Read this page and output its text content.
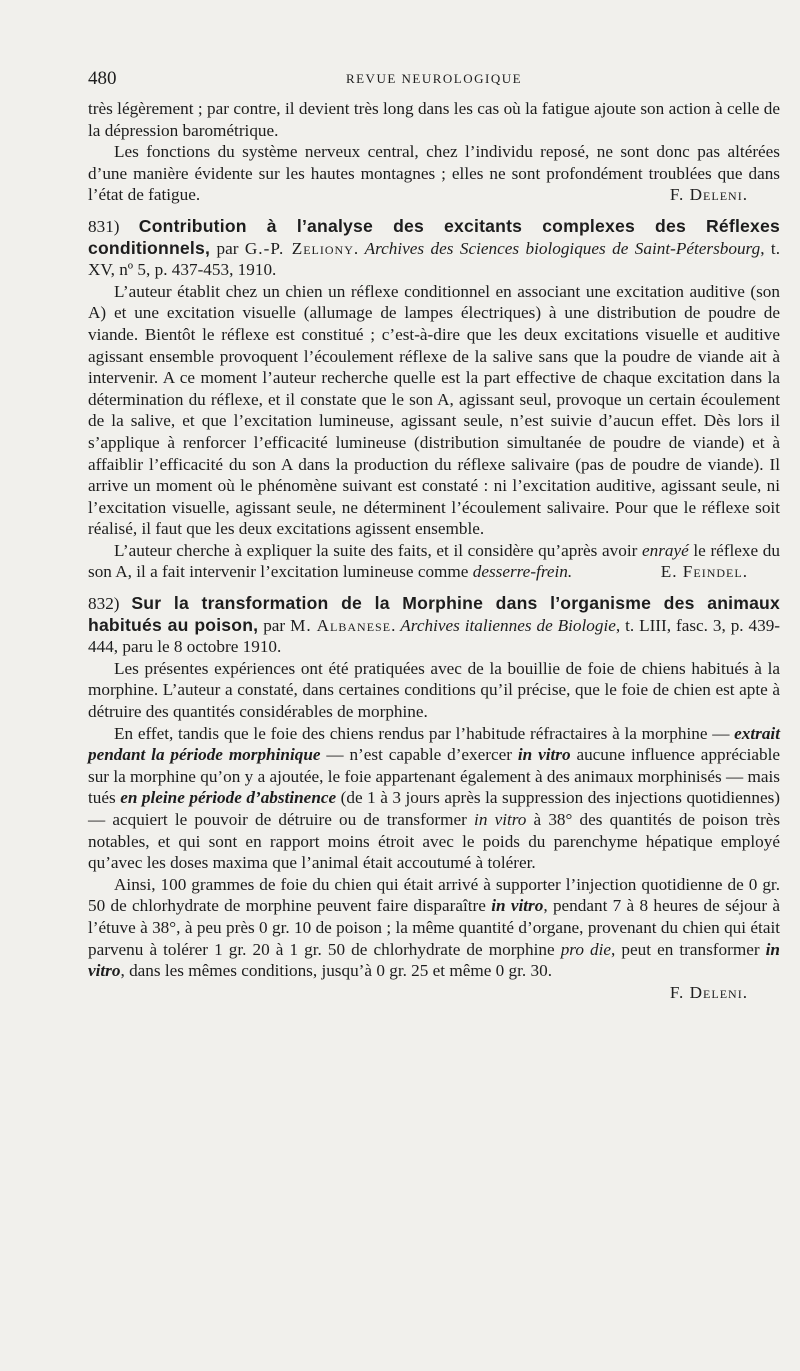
480	REVUE NEUROLOGIQUE

très légèrement ; par contre, il devient très long dans les cas où la fatigue ajoute son action à celle de la dépression barométrique.

Les fonctions du système nerveux central, chez l’individu reposé, ne sont donc pas altérées d’une manière évidente sur les hautes montagnes ; elles ne sont profondément troublées que dans l’état de fatigue.	F. Deleni.

831) Contribution à l’analyse des excitants complexes des Réflexes conditionnels, par G.-P. Zeliony. Archives des Sciences biologiques de Saint-Pétersbourg, t. XV, nº 5, p. 437-453, 1910.

L’auteur établit chez un chien un réflexe conditionnel en associant une excitation auditive (son A) et une excitation visuelle (allumage de lampes électriques) à une distribution de poudre de viande. Bientôt le réflexe est constitué ; c’est-à-dire que les deux excitations visuelle et auditive agissant ensemble provoquent l’écoulement réflexe de la salive sans que la poudre de viande ait à intervenir. A ce moment l’auteur recherche quelle est la part effective de chaque excitation dans la détermination du réflexe, et il constate que le son A, agissant seul, provoque un certain écoulement de la salive, et que l’excitation lumineuse, agissant seule, n’est suivie d’aucun effet. Dès lors il s’applique à renforcer l’efficacité lumineuse (distribution simultanée de poudre de viande) et à affaiblir l’efficacité du son A dans la production du réflexe salivaire (pas de poudre de viande). Il arrive un moment où le phénomène suivant est constaté : ni l’excitation auditive, agissant seule, ni l’excitation visuelle, agissant seule, ne déterminent l’écoulement salivaire. Pour que le réflexe soit réalisé, il faut que les deux excitations agissent ensemble.

L’auteur cherche à expliquer la suite des faits, et il considère qu’après avoir enrayé le réflexe du son A, il a fait intervenir l’excitation lumineuse comme desserre-frein.	E. Feindel.

832) Sur la transformation de la Morphine dans l’organisme des animaux habitués au poison, par M. Albanese. Archives italiennes de Biologie, t. LIII, fasc. 3, p. 439-444, paru le 8 octobre 1910.

Les présentes expériences ont été pratiquées avec de la bouillie de foie de chiens habitués à la morphine. L’auteur a constaté, dans certaines conditions qu’il précise, que le foie de chien est apte à détruire des quantités considérables de morphine.

En effet, tandis que le foie des chiens rendus par l’habitude réfractaires à la morphine — extrait pendant la période morphinique — n’est capable d’exercer in vitro aucune influence appréciable sur la morphine qu’on y a ajoutée, le foie appartenant également à des animaux morphinisés — mais tués en pleine période d’abstinence (de 1 à 3 jours après la suppression des injections quotidiennes) — acquiert le pouvoir de détruire ou de transformer in vitro à 38° des quantités de poison très notables, et qui sont en rapport moins étroit avec le poids du parenchyme hépatique employé qu’avec les doses maxima que l’animal était accoutumé à tolérer.

Ainsi, 100 grammes de foie du chien qui était arrivé à supporter l’injection quotidienne de 0 gr. 50 de chlorhydrate de morphine peuvent faire disparaître in vitro, pendant 7 à 8 heures de séjour à l’étuve à 38°, à peu près 0 gr. 10 de poison ; la même quantité d’organe, provenant du chien qui était parvenu à tolérer 1 gr. 20 à 1 gr. 50 de chlorhydrate de morphine pro die, peut en transformer in vitro, dans les mêmes conditions, jusqu’à 0 gr. 25 et même 0 gr. 30.

F. Deleni.
